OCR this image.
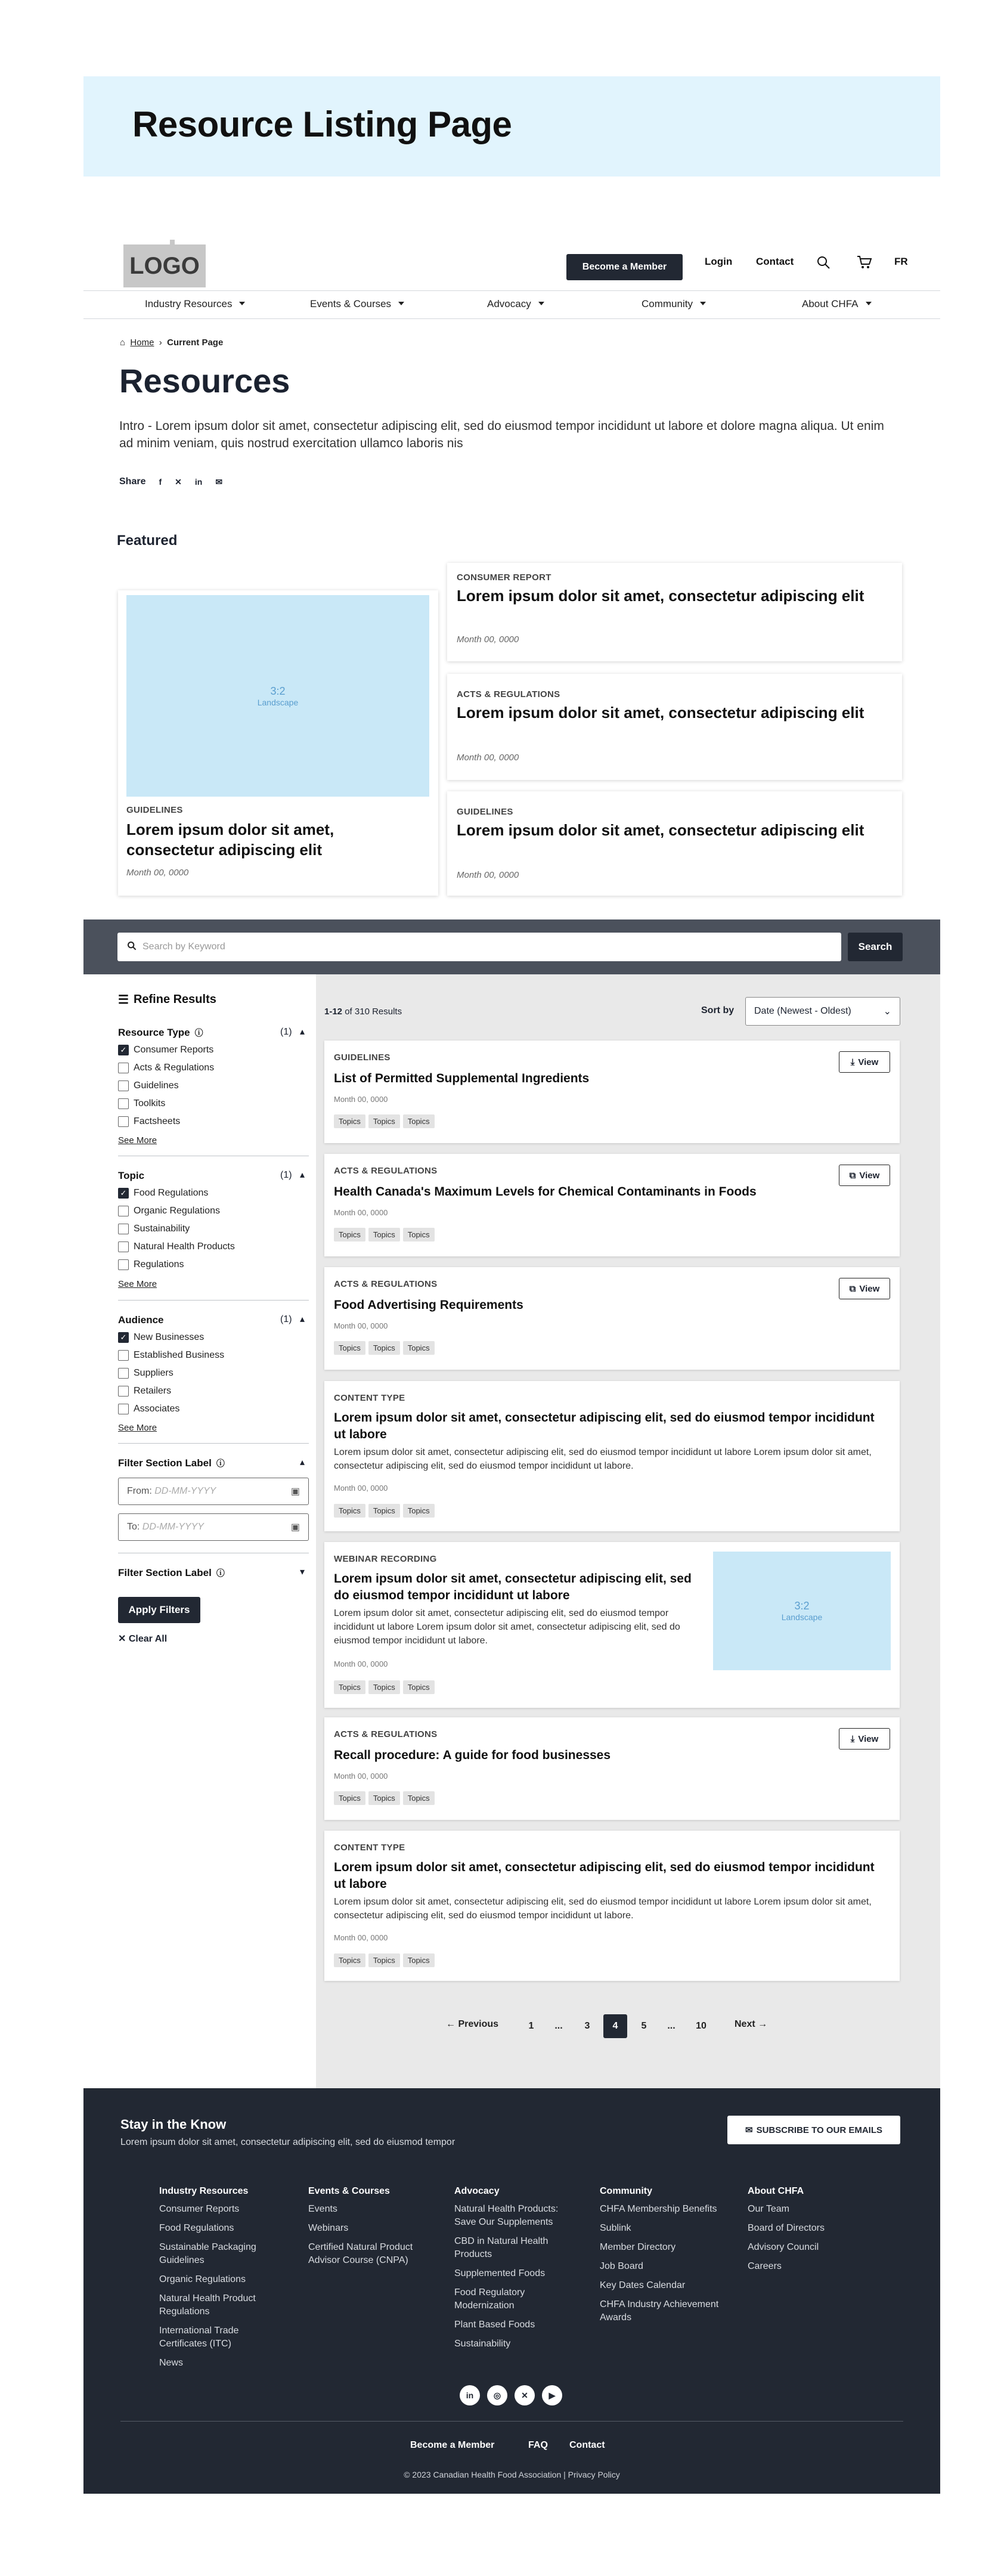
Resource Listing Page
LOGO	Become a Member	Login Contact	FR
Industry Resources	Events & Courses	Advocacy	Community	About CHFA
⌂ Home › Current Page
Resources

Intro - Lorem ipsum dolor sit amet, consectetur adipiscing elit, sed do eiusmod tempor incididunt ut labore et dolore magna aliqua. Ut enim ad minim veniam, quis nostrud exercitation ullamco laboris nis

Share f ✕ in ✉
Featured
3:2
Landscape
GUIDELINES
Lorem ipsum dolor sit amet, consectetur adipiscing elit
Month 00, 0000
CONSUMER REPORT
Lorem ipsum dolor sit amet, consectetur adipiscing elit
Month 00, 0000
ACTS & REGULATIONS
Lorem ipsum dolor sit amet, consectetur adipiscing elit
Month 00, 0000
GUIDELINES
Lorem ipsum dolor sit amet, consectetur adipiscing elit
Month 00, 0000
Search by Keyword	Search
☰ Refine Results
Resource Type ⓘ	(1) ▴
✓ Consumer Reports
Acts & Regulations
Guidelines
Toolkits
Factsheets
See More
Topic	(1) ▴
✓ Food Regulations
Organic Regulations
Sustainability
Natural Health Products
Regulations
See More
Audience	(1) ▴
✓ New Businesses
Established Business
Suppliers
Retailers
Associates
See More
Filter Section Label ⓘ	▴
From:
DD-MM-YYYY	▣
To:
DD-MM-YYYY	▣
Filter Section Label ⓘ	▾
Apply Filters
✕ Clear All
1-12 of 310 Results	Sort by Date (Newest - Oldest)	⌄
GUIDELINES	⤓ View
List of Permitted Supplemental Ingredients
Month 00, 0000
Topics	Topics	Topics
ACTS & REGULATIONS	⧉ View
Health Canada's Maximum Levels for Chemical Contaminants in Foods
Month 00, 0000
Topics	Topics	Topics
ACTS & REGULATIONS	⧉ View
Food Advertising Requirements
Month 00, 0000
Topics	Topics	Topics
CONTENT TYPE
Lorem ipsum dolor sit amet, consectetur adipiscing elit, sed do eiusmod tempor incididunt ut labore
Lorem ipsum dolor sit amet, consectetur adipiscing elit, sed do eiusmod tempor incididunt ut labore Lorem ipsum dolor sit amet, consectetur adipiscing elit, sed do eiusmod tempor incididunt ut labore.
Month 00, 0000
Topics	Topics	Topics
WEBINAR RECORDING
Lorem ipsum dolor sit amet, consectetur adipiscing elit, sed do eiusmod tempor incididunt ut labore
Lorem ipsum dolor sit amet, consectetur adipiscing elit, sed do eiusmod tempor incididunt ut labore Lorem ipsum dolor sit amet, consectetur adipiscing elit, sed do eiusmod tempor incididunt ut labore.
Month 00, 0000
Topics	Topics	Topics
3:2
Landscape
ACTS & REGULATIONS	⤓ View
Recall procedure: A guide for food businesses
Month 00, 0000
Topics	Topics	Topics
CONTENT TYPE
Lorem ipsum dolor sit amet, consectetur adipiscing elit, sed do eiusmod tempor incididunt ut labore
Lorem ipsum dolor sit amet, consectetur adipiscing elit, sed do eiusmod tempor incididunt ut labore Lorem ipsum dolor sit amet, consectetur adipiscing elit, sed do eiusmod tempor incididunt ut labore.
Month 00, 0000
Topics	Topics	Topics
← Previous	1	...	3	4	5	...	10	Next →
Stay in the Know
Lorem ipsum dolor sit amet, consectetur adipiscing elit, sed do eiusmod tempor
✉ SUBSCRIBE TO OUR EMAILS
Industry Resources
Consumer Reports
Food Regulations
Sustainable Packaging Guidelines
Organic Regulations
Natural Health Product Regulations
International Trade Certificates (ITC)
News
Events & Courses
Events
Webinars
Certified Natural Product Advisor Course (CNPA)
Advocacy
Natural Health Products: Save Our Supplements
CBD in Natural Health Products
Supplemented Foods
Food Regulatory Modernization
Plant Based Foods
Sustainability
Community
CHFA Membership Benefits
Sublink
Member Directory
Job Board
Key Dates Calendar
CHFA Industry Achievement Awards
About CHFA
Our Team
Board of Directors
Advisory Council
Careers
in	◎	✕	▶
Become a Member	FAQ Contact
© 2023 Canadian Health Food Association | Privacy Policy
